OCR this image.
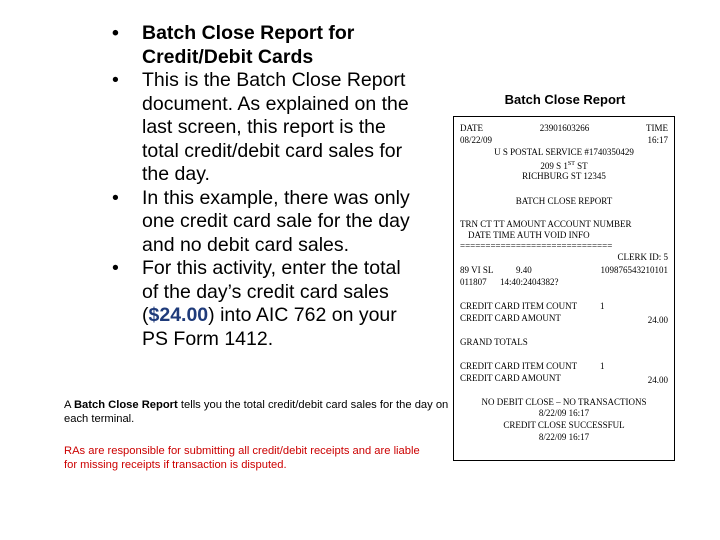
• Batch Close Report for Credit/Debit Cards
• This is the Batch Close Report document. As explained on the last screen, this report is the total credit/debit card sales for the day.
• In this example, there was only one credit card sale for the day and no debit card sales.
• For this activity, enter the total of the day’s credit card sales ($24.00) into AIC 762 on your PS Form 1412.
A Batch Close Report tells you the total credit/debit card sales for the day on each terminal.
RAs are responsible for submitting all credit/debit receipts and are liable for missing receipts if transaction is disputed.
Batch Close Report
DATE	23901603266	TIME
08/22/09	16:17
U S POSTAL SERVICE #1740350429
209 S 1ST ST
RICHBURG ST 12345
BATCH CLOSE REPORT
TRN CT TT AMOUNT ACCOUNT NUMBER
DATE TIME AUTH VOID INFO
==============================
CLERK ID: 5
89 VI SL	9.40	109876543210101
011807 14:40:2404382?
CREDIT CARD ITEM COUNT	1
CREDIT CARD AMOUNT	24.00
GRAND TOTALS
CREDIT CARD ITEM COUNT	1
CREDIT CARD AMOUNT	24.00
NO DEBIT CLOSE – NO TRANSACTIONS
8/22/09 16:17
CREDIT CLOSE SUCCESSFUL
8/22/09 16:17
